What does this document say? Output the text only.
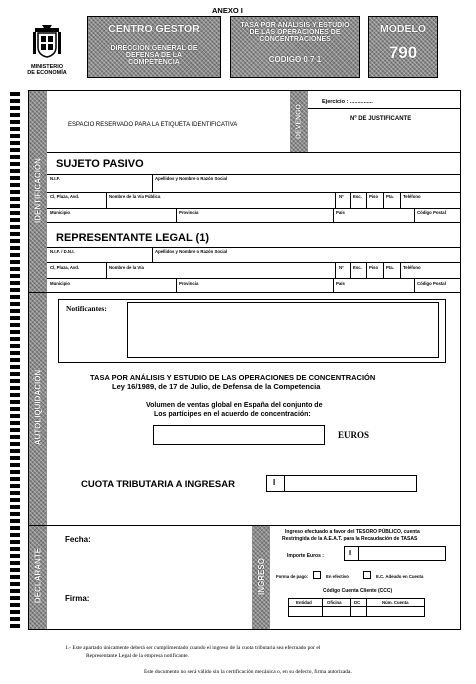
ANEXO I
MINISTERIO
DE ECONOMÍA
CENTRO GESTOR
DIRECCIÓN GENERAL DE
DEFENSA DE LA
COMPETENCIA
TASA POR ANÁLISIS Y ESTUDIO
DE LAS OPERACIONES DE
CONCENTRACIONES
CODIGO 0 7 1
MODELO
790
IDENTIFICACIÓN
AUTOLIQUIDACIÓN
DECLARANTE
ESPACIO RESERVADO PARA LA ETIQUETA IDENTIFICATIVA	DEVENGO
Ejercicio : ...............
Nº DE JUSTIFICANTE
SUJETO PASIVO
N.I.F.	Apellidos y Nombre o Razón Social
Cl, Plaza, Avd.	Nombre de la Vía Pública	Nº Esc. Piso Pta. Teléfono
Municipio	Provincia	País	Código Postal
REPRESENTANTE LEGAL (1)
N.I.F. / D.N.I.	Apellidos y Nombre o Razón Social
Cl, Plaza, Avd.	Nombre de la Vía	Nº Esc. Piso Pta. Teléfono
Municipio	Provincia	País	Código Postal
Notificantes:
TASA POR ANÁLISIS Y ESTUDIO DE LAS OPERACIONES DE CONCENTRACIÓN
Ley 16/1989, de 17 de Julio, de Defensa de la Competencia
Volumen de ventas global en España del conjunto de
Los partícipes en el acuerdo de concentración:
EUROS
CUOTA TRIBUTARIA A INGRESAR	I
Fecha:
Firma:
INGRESO
Ingreso efectuado a favor del TESORO PÚBLICO, cuenta
Restringida de la A.E.A.T. para la Recaudación de TASAS
Importe Euros :	I
Forma de pago:	En efectivo	E.C. Adeudo en Cuenta
Código Cuenta Cliente (CCC)
Entidad	Oficina	DC	Núm. Cuenta
1.- Este apartado únicamente deberá ser cumplimentado cuando el ingreso de la cuota tributaria sea efectuado por el
Representante Legal de la empresa notificante.
Este documento no será válido sin la certificación mecánica o, en su defecto, firma autorizada.
